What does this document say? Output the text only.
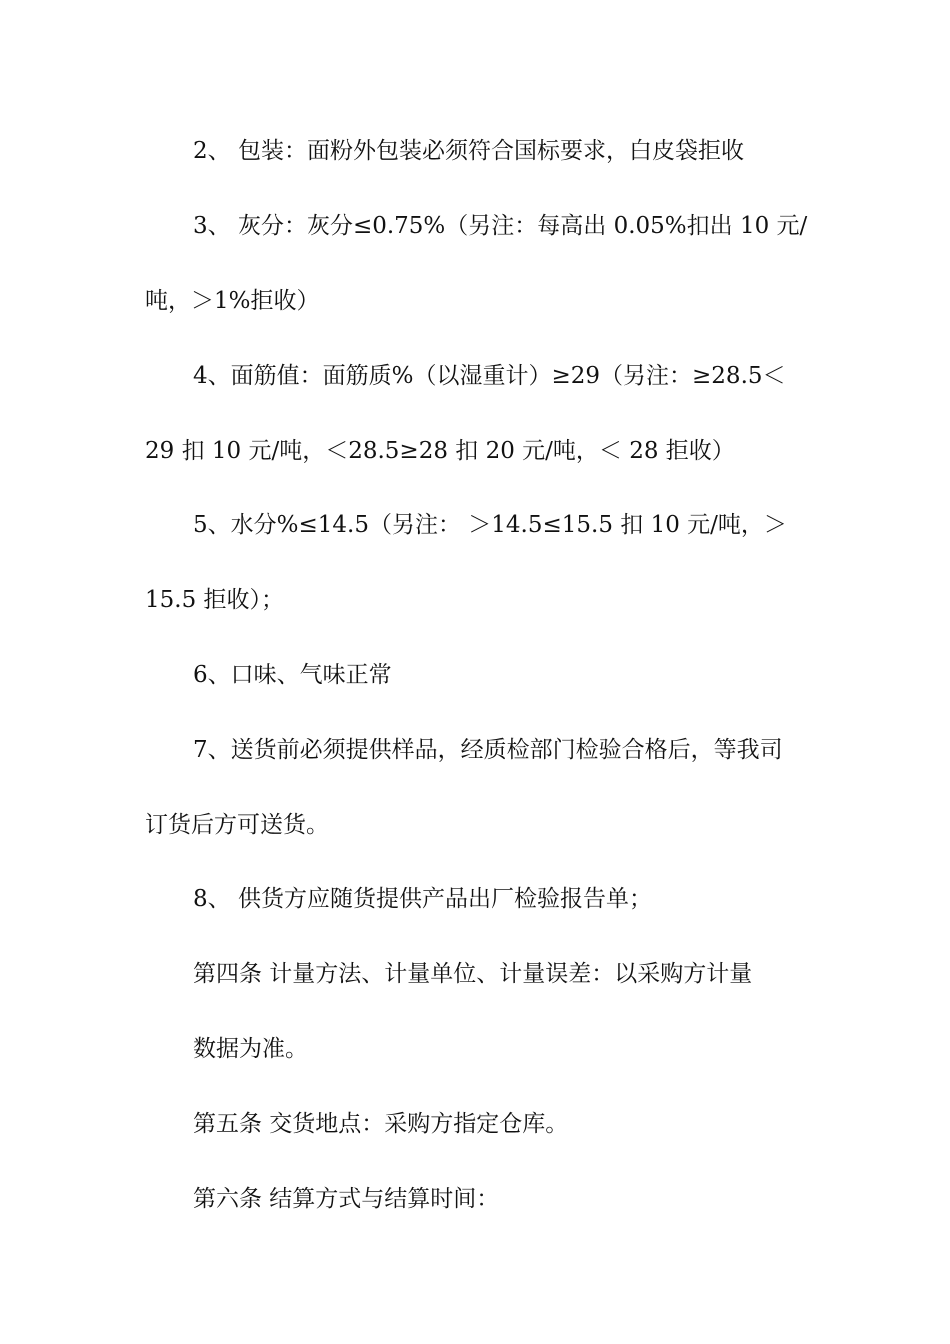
2、 包装：面粉外包装必须符合国标要求，白皮袋拒收
3、 灰分：灰分≤0.75%（另注：每高出 0.05%扣出 10 元/
吨，＞1%拒收）
4、面筋值：面筋质%（以湿重计）≥29（另注：≥28.5＜
29 扣 10 元/吨，＜28.5≥28 扣 20 元/吨，＜ 28 拒收）
5、水分%≤14.5（另注： ＞14.5≤15.5 扣 10 元/吨，＞
15.5 拒收）；
6、口味、气味正常
7、送货前必须提供样品，经质检部门检验合格后，等我司
订货后方可送货。
8、 供货方应随货提供产品出厂检验报告单；
第四条 计量方法、计量单位、计量误差：以采购方计量
数据为准。
第五条 交货地点：采购方指定仓库。
第六条 结算方式与结算时间：
